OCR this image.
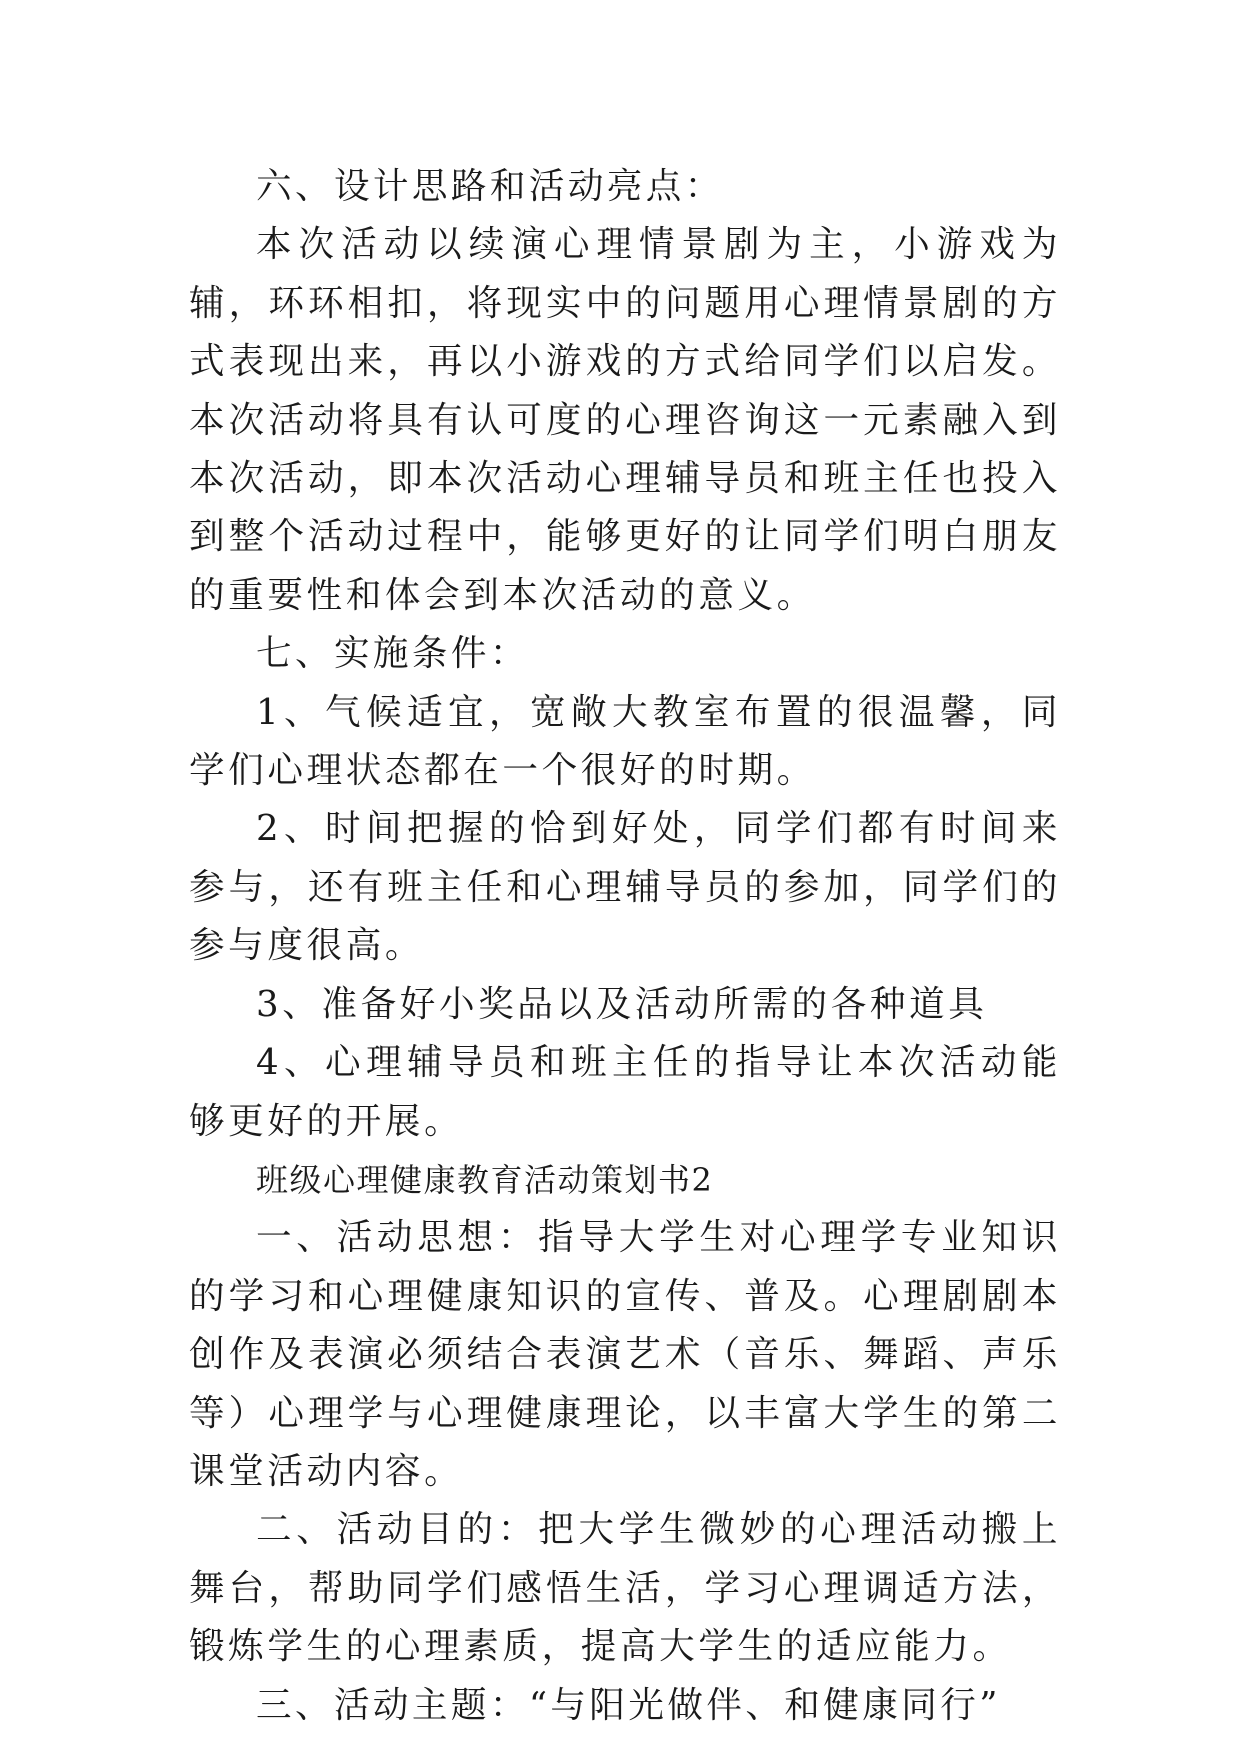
六、设计思路和活动亮点：

本次活动以续演心理情景剧为主，小游戏为辅，环环相扣，将现实中的问题用心理情景剧的方式表现出来，再以小游戏的方式给同学们以启发。本次活动将具有认可度的心理咨询这一元素融入到本次活动，即本次活动心理辅导员和班主任也投入到整个活动过程中，能够更好的让同学们明白朋友的重要性和体会到本次活动的意义。

七、实施条件：

1、气候适宜，宽敞大教室布置的很温馨，同学们心理状态都在一个很好的时期。

2、时间把握的恰到好处，同学们都有时间来参与，还有班主任和心理辅导员的参加，同学们的参与度很高。

3、准备好小奖品以及活动所需的各种道具

4、心理辅导员和班主任的指导让本次活动能够更好的开展。

班级心理健康教育活动策划书2

一、活动思想：指导大学生对心理学专业知识的学习和心理健康知识的宣传、普及。心理剧剧本创作及表演必须结合表演艺术（音乐、舞蹈、声乐等）心理学与心理健康理论，以丰富大学生的第二课堂活动内容。

二、活动目的：把大学生微妙的心理活动搬上舞台，帮助同学们感悟生活，学习心理调适方法，锻炼学生的心理素质，提高大学生的适应能力。

三、活动主题：“与阳光做伴、和健康同行”
